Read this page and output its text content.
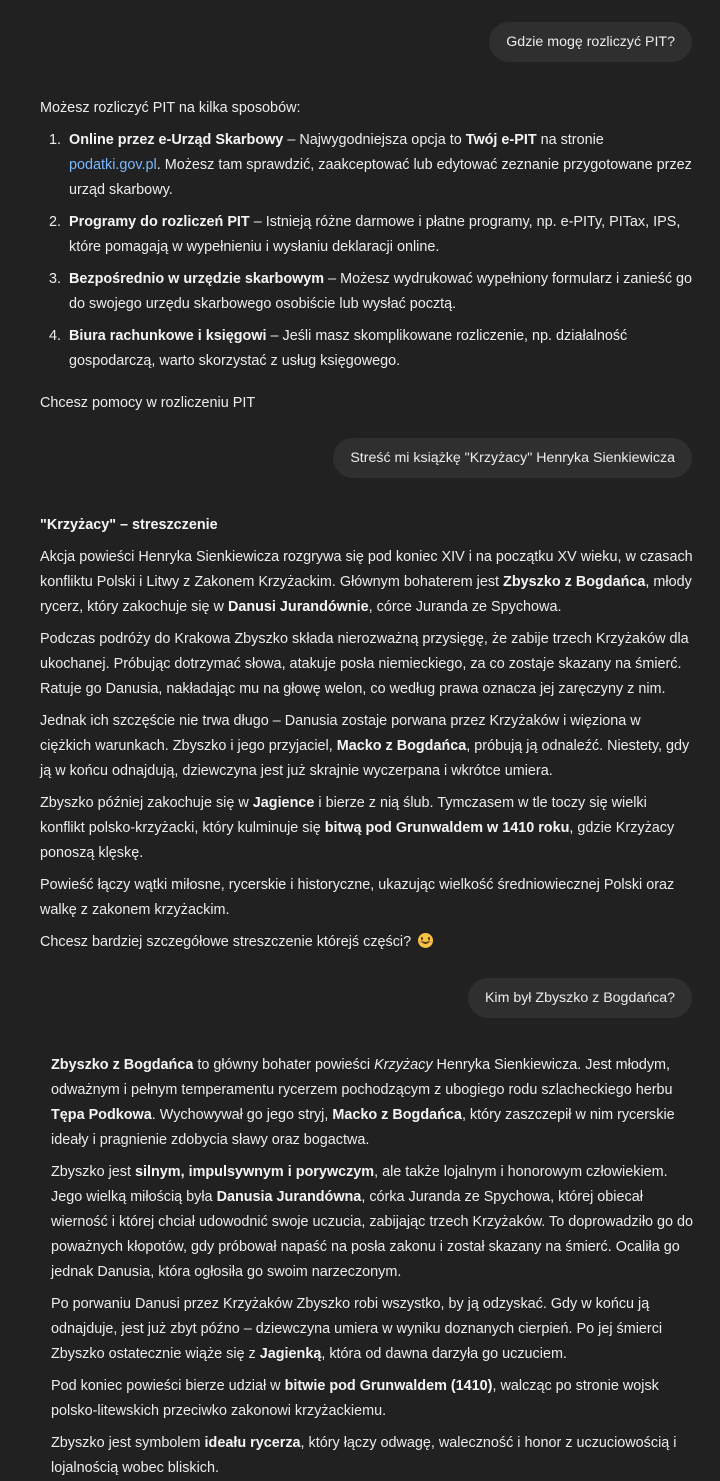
Gdzie mogę rozliczyć PIT?

Możesz rozliczyć PIT na kilka sposobów:

1. Online przez e-Urząd Skarbowy – Najwygodniejsza opcja to Twój e-PIT na stronie podatki.gov.pl. Możesz tam sprawdzić, zaakceptować lub edytować zeznanie przygotowane przez urząd skarbowy.
2. Programy do rozliczeń PIT – Istnieją różne darmowe i płatne programy, np. e-PITy, PITax, IPS, które pomagają w wypełnieniu i wysłaniu deklaracji online.
3. Bezpośrednio w urzędzie skarbowym – Możesz wydrukować wypełniony formularz i zanieść go do swojego urzędu skarbowego osobiście lub wysłać pocztą.
4. Biura rachunkowe i księgowi – Jeśli masz skomplikowane rozliczenie, np. działalność gospodarczą, warto skorzystać z usług księgowego.

Chcesz pomocy w rozliczeniu PIT

Streść mi książkę "Krzyżacy" Henryka Sienkiewicza

"Krzyżacy" – streszczenie

Akcja powieści Henryka Sienkiewicza rozgrywa się pod koniec XIV i na początku XV wieku, w czasach konfliktu Polski i Litwy z Zakonem Krzyżackim. Głównym bohaterem jest Zbyszko z Bogdańca, młody rycerz, który zakochuje się w Danusi Jurandównie, córce Juranda ze Spychowa.

Podczas podróży do Krakowa Zbyszko składa nierozważną przysięgę, że zabije trzech Krzyżaków dla ukochanej. Próbując dotrzymać słowa, atakuje posła niemieckiego, za co zostaje skazany na śmierć. Ratuje go Danusia, nakładając mu na głowę welon, co według prawa oznacza jej zaręczyny z nim.

Jednak ich szczęście nie trwa długo – Danusia zostaje porwana przez Krzyżaków i więziona w ciężkich warunkach. Zbyszko i jego przyjaciel, Macko z Bogdańca, próbują ją odnaleźć. Niestety, gdy ją w końcu odnajdują, dziewczyna jest już skrajnie wyczerpana i wkrótce umiera.

Zbyszko później zakochuje się w Jagience i bierze z nią ślub. Tymczasem w tle toczy się wielki konflikt polsko-krzyżacki, który kulminuje się bitwą pod Grunwaldem w 1410 roku, gdzie Krzyżacy ponoszą klęskę.

Powieść łączy wątki miłosne, rycerskie i historyczne, ukazując wielkość średniowiecznej Polski oraz walkę z zakonem krzyżackim.

Chcesz bardziej szczegółowe streszczenie którejś części?

Kim był Zbyszko z Bogdańca?

Zbyszko z Bogdańca to główny bohater powieści Krzyżacy Henryka Sienkiewicza. Jest młodym, odważnym i pełnym temperamentu rycerzem pochodzącym z ubogiego rodu szlacheckiego herbu Tępa Podkowa. Wychowywał go jego stryj, Macko z Bogdańca, który zaszczepił w nim rycerskie ideały i pragnienie zdobycia sławy oraz bogactwa.

Zbyszko jest silnym, impulsywnym i porywczym, ale także lojalnym i honorowym człowiekiem. Jego wielką miłością była Danusia Jurandówna, córka Juranda ze Spychowa, której obiecał wierność i której chciał udowodnić swoje uczucia, zabijając trzech Krzyżaków. To doprowadziło go do poważnych kłopotów, gdy próbował napaść na posła zakonu i został skazany na śmierć. Ocaliła go jednak Danusia, która ogłosiła go swoim narzeczonym.

Po porwaniu Danusi przez Krzyżaków Zbyszko robi wszystko, by ją odzyskać. Gdy w końcu ją odnajduje, jest już zbyt późno – dziewczyna umiera w wyniku doznanych cierpień. Po jej śmierci Zbyszko ostatecznie wiąże się z Jagienką, która od dawna darzyła go uczuciem.

Pod koniec powieści bierze udział w bitwie pod Grunwaldem (1410), walcząc po stronie wojsk polsko-litewskich przeciwko zakonowi krzyżackiemu.

Zbyszko jest symbolem ideału rycerza, który łączy odwagę, waleczność i honor z uczuciowością i lojalnością wobec bliskich.
